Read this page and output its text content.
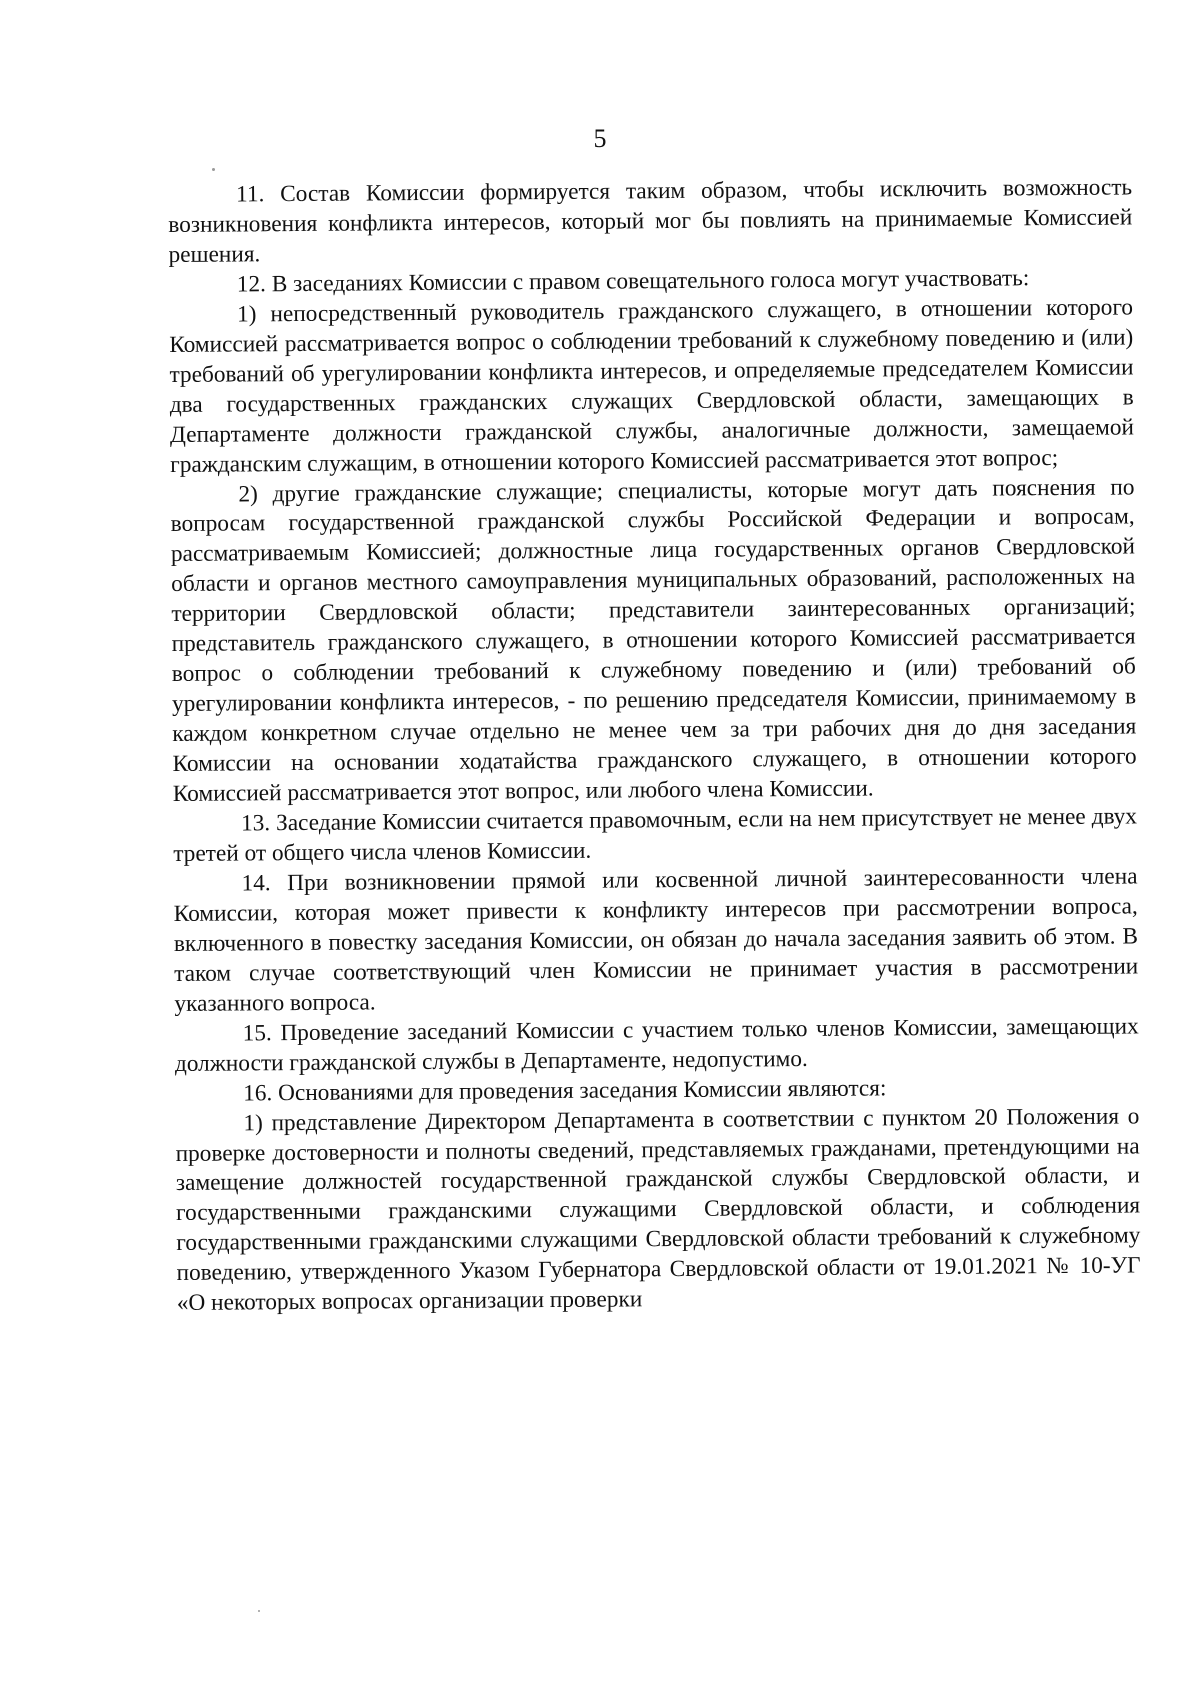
5

11. Состав Комиссии формируется таким образом, чтобы исключить возможность возникновения конфликта интересов, который мог бы повлиять на принимаемые Комиссией решения.

12. В заседаниях Комиссии с правом совещательного голоса могут участвовать:

1) непосредственный руководитель гражданского служащего, в отношении которого Комиссией рассматривается вопрос о соблюдении требований к служебному поведению и (или) требований об урегулировании конфликта интересов, и определяемые председателем Комиссии два государственных гражданских служащих Свердловской области, замещающих в Департаменте должности гражданской службы, аналогичные должности, замещаемой гражданским служащим, в отношении которого Комиссией рассматривается этот вопрос;

2) другие гражданские служащие; специалисты, которые могут дать пояснения по вопросам государственной гражданской службы Российской Федерации и вопросам, рассматриваемым Комиссией; должностные лица государственных органов Свердловской области и органов местного самоуправления муниципальных образований, расположенных на территории Свердловской области; представители заинтересованных организаций; представитель гражданского служащего, в отношении которого Комиссией рассматривается вопрос о соблюдении требований к служебному поведению и (или) требований об урегулировании конфликта интересов, - по решению председателя Комиссии, принимаемому в каждом конкретном случае отдельно не менее чем за три рабочих дня до дня заседания Комиссии на основании ходатайства гражданского служащего, в отношении которого Комиссией рассматривается этот вопрос, или любого члена Комиссии.

13. Заседание Комиссии считается правомочным, если на нем присутствует не менее двух третей от общего числа членов Комиссии.

14. При возникновении прямой или косвенной личной заинтересованности члена Комиссии, которая может привести к конфликту интересов при рассмотрении вопроса, включенного в повестку заседания Комиссии, он обязан до начала заседания заявить об этом. В таком случае соответствующий член Комиссии не принимает участия в рассмотрении указанного вопроса.

15. Проведение заседаний Комиссии с участием только членов Комиссии, замещающих должности гражданской службы в Департаменте, недопустимо.

16. Основаниями для проведения заседания Комиссии являются:

1) представление Директором Департамента в соответствии с пунктом 20 Положения о проверке достоверности и полноты сведений, представляемых гражданами, претендующими на замещение должностей государственной гражданской службы Свердловской области, и государственными гражданскими служащими Свердловской области, и соблюдения государственными гражданскими служащими Свердловской области требований к служебному поведению, утвержденного Указом Губернатора Свердловской области от 19.01.2021 № 10-УГ «О некоторых вопросах организации проверки
